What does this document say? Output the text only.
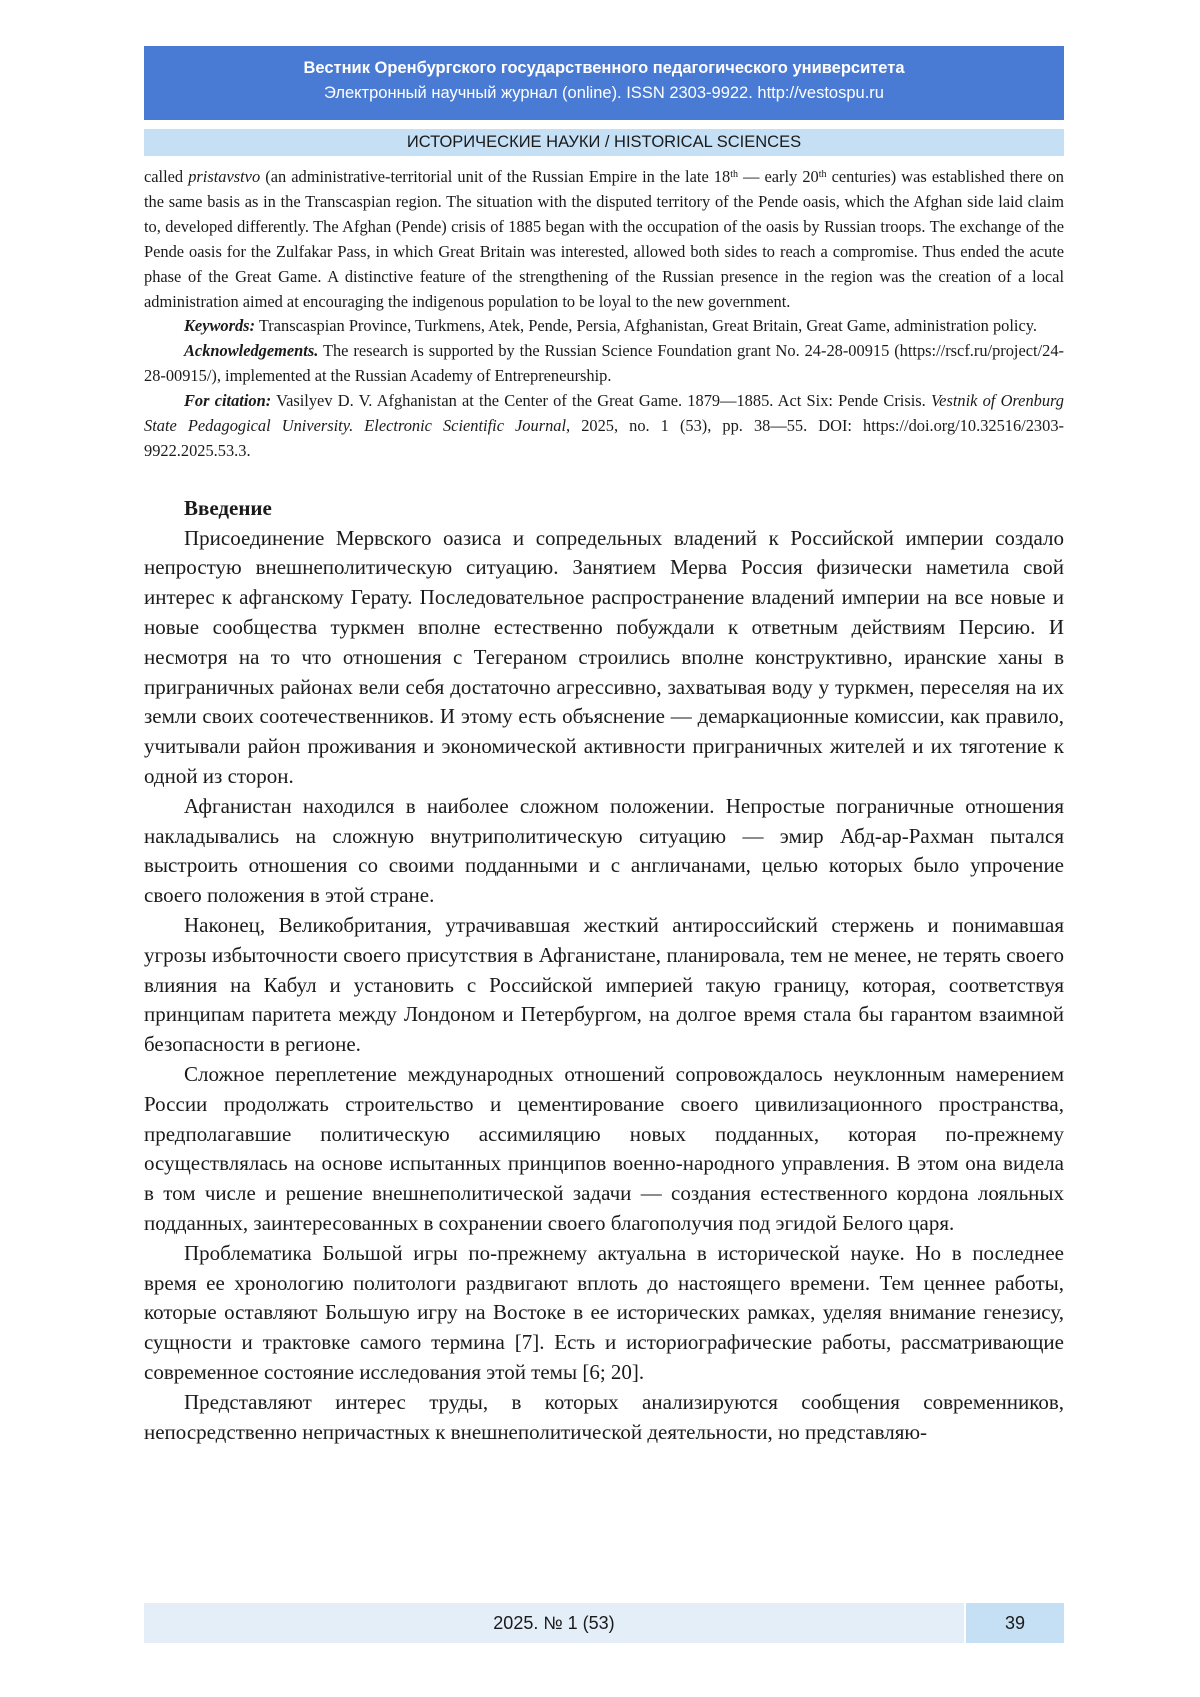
Вестник Оренбургского государственного педагогического университета
Электронный научный журнал (online). ISSN 2303-9922. http://vestospu.ru
ИСТОРИЧЕСКИЕ НАУКИ / HISTORICAL SCIENCES

called pristavstvo (an administrative-territorial unit of the Russian Empire in the late 18th — early 20th centuries) was established there on the same basis as in the Transcaspian region. The situation with the disputed territory of the Pende oasis, which the Afghan side laid claim to, developed differently. The Afghan (Pende) crisis of 1885 began with the occupation of the oasis by Russian troops. The exchange of the Pende oasis for the Zulfakar Pass, in which Great Britain was interested, allowed both sides to reach a compromise. Thus ended the acute phase of the Great Game. A distinctive feature of the strengthening of the Russian presence in the region was the creation of a local administration aimed at encouraging the indigenous population to be loyal to the new government.

Keywords: Transcaspian Province, Turkmens, Atek, Pende, Persia, Afghanistan, Great Britain, Great Game, administration policy.

Acknowledgements. The research is supported by the Russian Science Foundation grant No. 24-28-00915 (https://rscf.ru/project/24-28-00915/), implemented at the Russian Academy of Entrepreneurship.

For citation: Vasilyev D. V. Afghanistan at the Center of the Great Game. 1879—1885. Act Six: Pende Crisis. Vestnik of Orenburg State Pedagogical University. Electronic Scientific Journal, 2025, no. 1 (53), pp. 38—55. DOI: https://doi.org/10.32516/2303-9922.2025.53.3.

Введение

Присоединение Мервского оазиса и сопредельных владений к Российской империи создало непростую внешнеполитическую ситуацию. Занятием Мерва Россия физически наметила свой интерес к афганскому Герату. Последовательное распространение владений империи на все новые и новые сообщества туркмен вполне естественно побуждали к ответным действиям Персию. И несмотря на то что отношения с Тегераном строились вполне конструктивно, иранские ханы в приграничных районах вели себя достаточно агрессивно, захватывая воду у туркмен, переселяя на их земли своих соотечественников. И этому есть объяснение — демаркационные комиссии, как правило, учитывали район проживания и экономической активности приграничных жителей и их тяготение к одной из сторон.

Афганистан находился в наиболее сложном положении. Непростые пограничные отношения накладывались на сложную внутриполитическую ситуацию — эмир Абд-ар-Рахман пытался выстроить отношения со своими подданными и с англичанами, целью которых было упрочение своего положения в этой стране.

Наконец, Великобритания, утрачивавшая жесткий антироссийский стержень и понимавшая угрозы избыточности своего присутствия в Афганистане, планировала, тем не менее, не терять своего влияния на Кабул и установить с Российской империей такую границу, которая, соответствуя принципам паритета между Лондоном и Петербургом, на долгое время стала бы гарантом взаимной безопасности в регионе.

Сложное переплетение международных отношений сопровождалось неуклонным намерением России продолжать строительство и цементирование своего цивилизационного пространства, предполагавшие политическую ассимиляцию новых подданных, которая по-прежнему осуществлялась на основе испытанных принципов военно-народного управления. В этом она видела в том числе и решение внешнеполитической задачи — создания естественного кордона лояльных подданных, заинтересованных в сохранении своего благополучия под эгидой Белого царя.

Проблематика Большой игры по-прежнему актуальна в исторической науке. Но в последнее время ее хронологию политологи раздвигают вплоть до настоящего времени. Тем ценнее работы, которые оставляют Большую игру на Востоке в ее исторических рамках, уделяя внимание генезису, сущности и трактовке самого термина [7]. Есть и историографические работы, рассматривающие современное состояние исследования этой темы [6; 20].

Представляют интерес труды, в которых анализируются сообщения современников, непосредственно непричастных к внешнеполитической деятельности, но представляю-

2025. № 1 (53)	39
